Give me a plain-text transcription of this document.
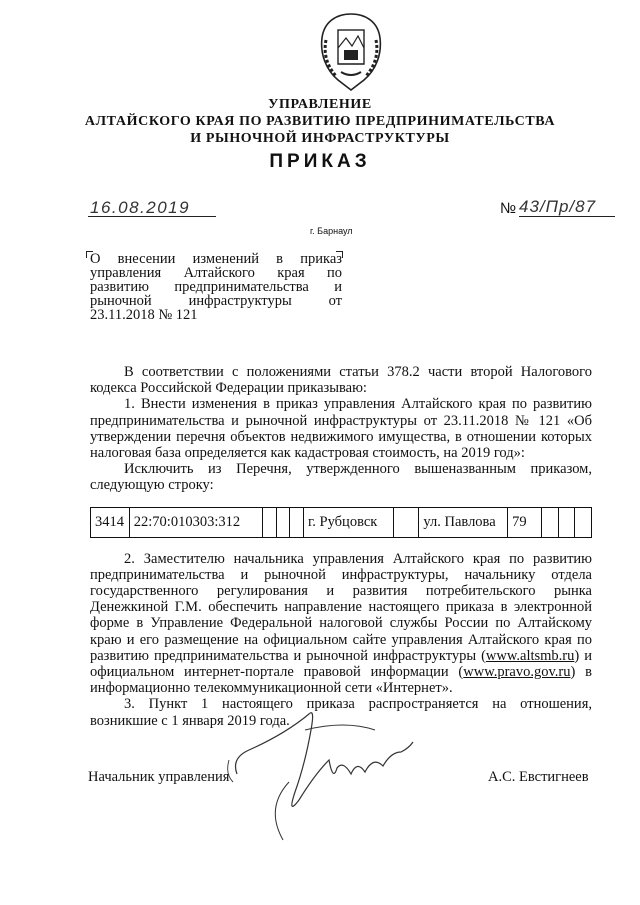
УПРАВЛЕНИЕ
АЛТАЙСКОГО КРАЯ ПО РАЗВИТИЮ ПРЕДПРИНИМАТЕЛЬСТВА
И РЫНОЧНОЙ ИНФРАСТРУКТУРЫ
ПРИКАЗ
16.08.2019	№ 43/Пр/87
г. Барнаул
О внесении изменений в приказ управления Алтайского края по развитию предпринимательства и рыночной инфраструктуры от 23.11.2018 № 121

В соответствии с положениями статьи 378.2 части второй Налогового кодекса Российской Федерации приказываю:

1. Внести изменения в приказ управления Алтайского края по развитию предпринимательства и рыночной инфраструктуры от 23.11.2018 № 121 «Об утверждении перечня объектов недвижимого имущества, в отношении которых налоговая база определяется как кадастровая стоимость, на 2019 год»:

Исключить из Перечня, утвержденного вышеназванным приказом, следующую строку:

3414	22:70:010303:312				г. Рубцовск		ул. Павлова	79			

2. Заместителю начальника управления Алтайского края по развитию предпринимательства и рыночной инфраструктуры, начальнику отдела государственного регулирования и развития потребительского рынка Денежкиной Г.М. обеспечить направление настоящего приказа в электронной форме в Управление Федеральной налоговой службы России по Алтайскому краю и его размещение на официальном сайте управления Алтайского края по развитию предпринимательства и рыночной инфраструктуры (www.altsmb.ru) и официальном интернет-портале правовой информации (www.pravo.gov.ru) в информационно телекоммуникационной сети «Интернет».

3. Пункт 1 настоящего приказа распространяется на отношения, возникшие с 1 января 2019 года.

Начальник управления	А.С. Евстигнеев
